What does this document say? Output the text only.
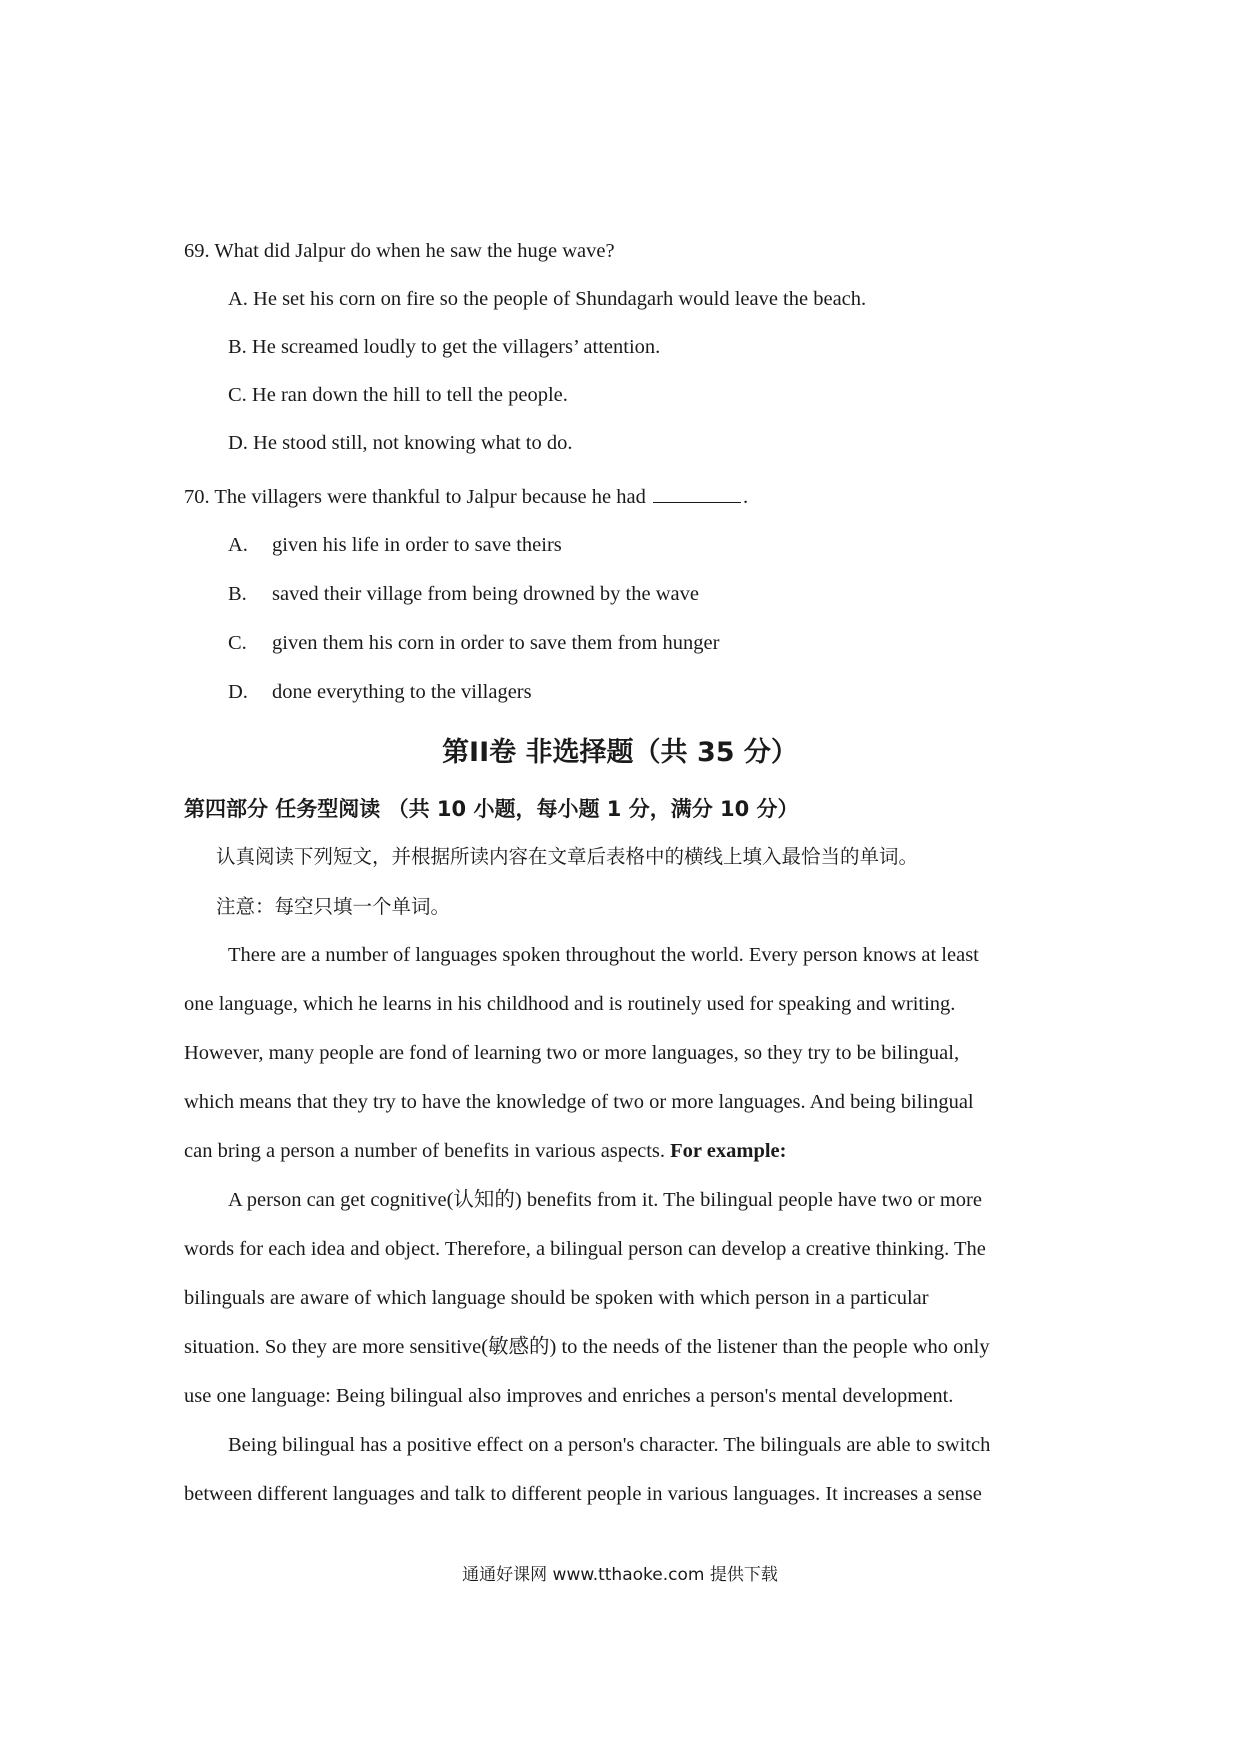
69. What did Jalpur do when he saw the huge wave?
A. He set his corn on fire so the people of Shundagarh would leave the beach.
B. He screamed loudly to get the villagers’ attention.
C. He ran down the hill to tell the people.
D. He stood still, not knowing what to do.
70. The villagers were thankful to Jalpur because he had	.
A. given his life in order to save theirs
B. saved their village from being drowned by the wave
C. given them his corn in order to save them from hunger
D. done everything to the villagers
第II卷 非选择题（共 35 分）
第四部分 任务型阅读 （共 10 小题，每小题 1 分，满分 10 分）
认真阅读下列短文，并根据所读内容在文章后表格中的横线上填入最恰当的单词。
注意：每空只填一个单词。
There are a number of languages spoken throughout the world. Every person knows at least
one language, which he learns in his childhood and is routinely used for speaking and writing.
However, many people are fond of learning two or more languages, so they try to be bilingual,
which means that they try to have the knowledge of two or more languages. And being bilingual
can bring a person a number of benefits in various aspects. For example:
A person can get cognitive(认知的) benefits from it. The bilingual people have two or more
words for each idea and object. Therefore, a bilingual person can develop a creative thinking. The
bilinguals are aware of which language should be spoken with which person in a particular
situation. So they are more sensitive(敏感的) to the needs of the listener than the people who only
use one language: Being bilingual also improves and enriches a person's mental development.
Being bilingual has a positive effect on a person's character. The bilinguals are able to switch
between different languages and talk to different people in various languages. It increases a sense
通通好课网 www.tthaoke.com 提供下载
